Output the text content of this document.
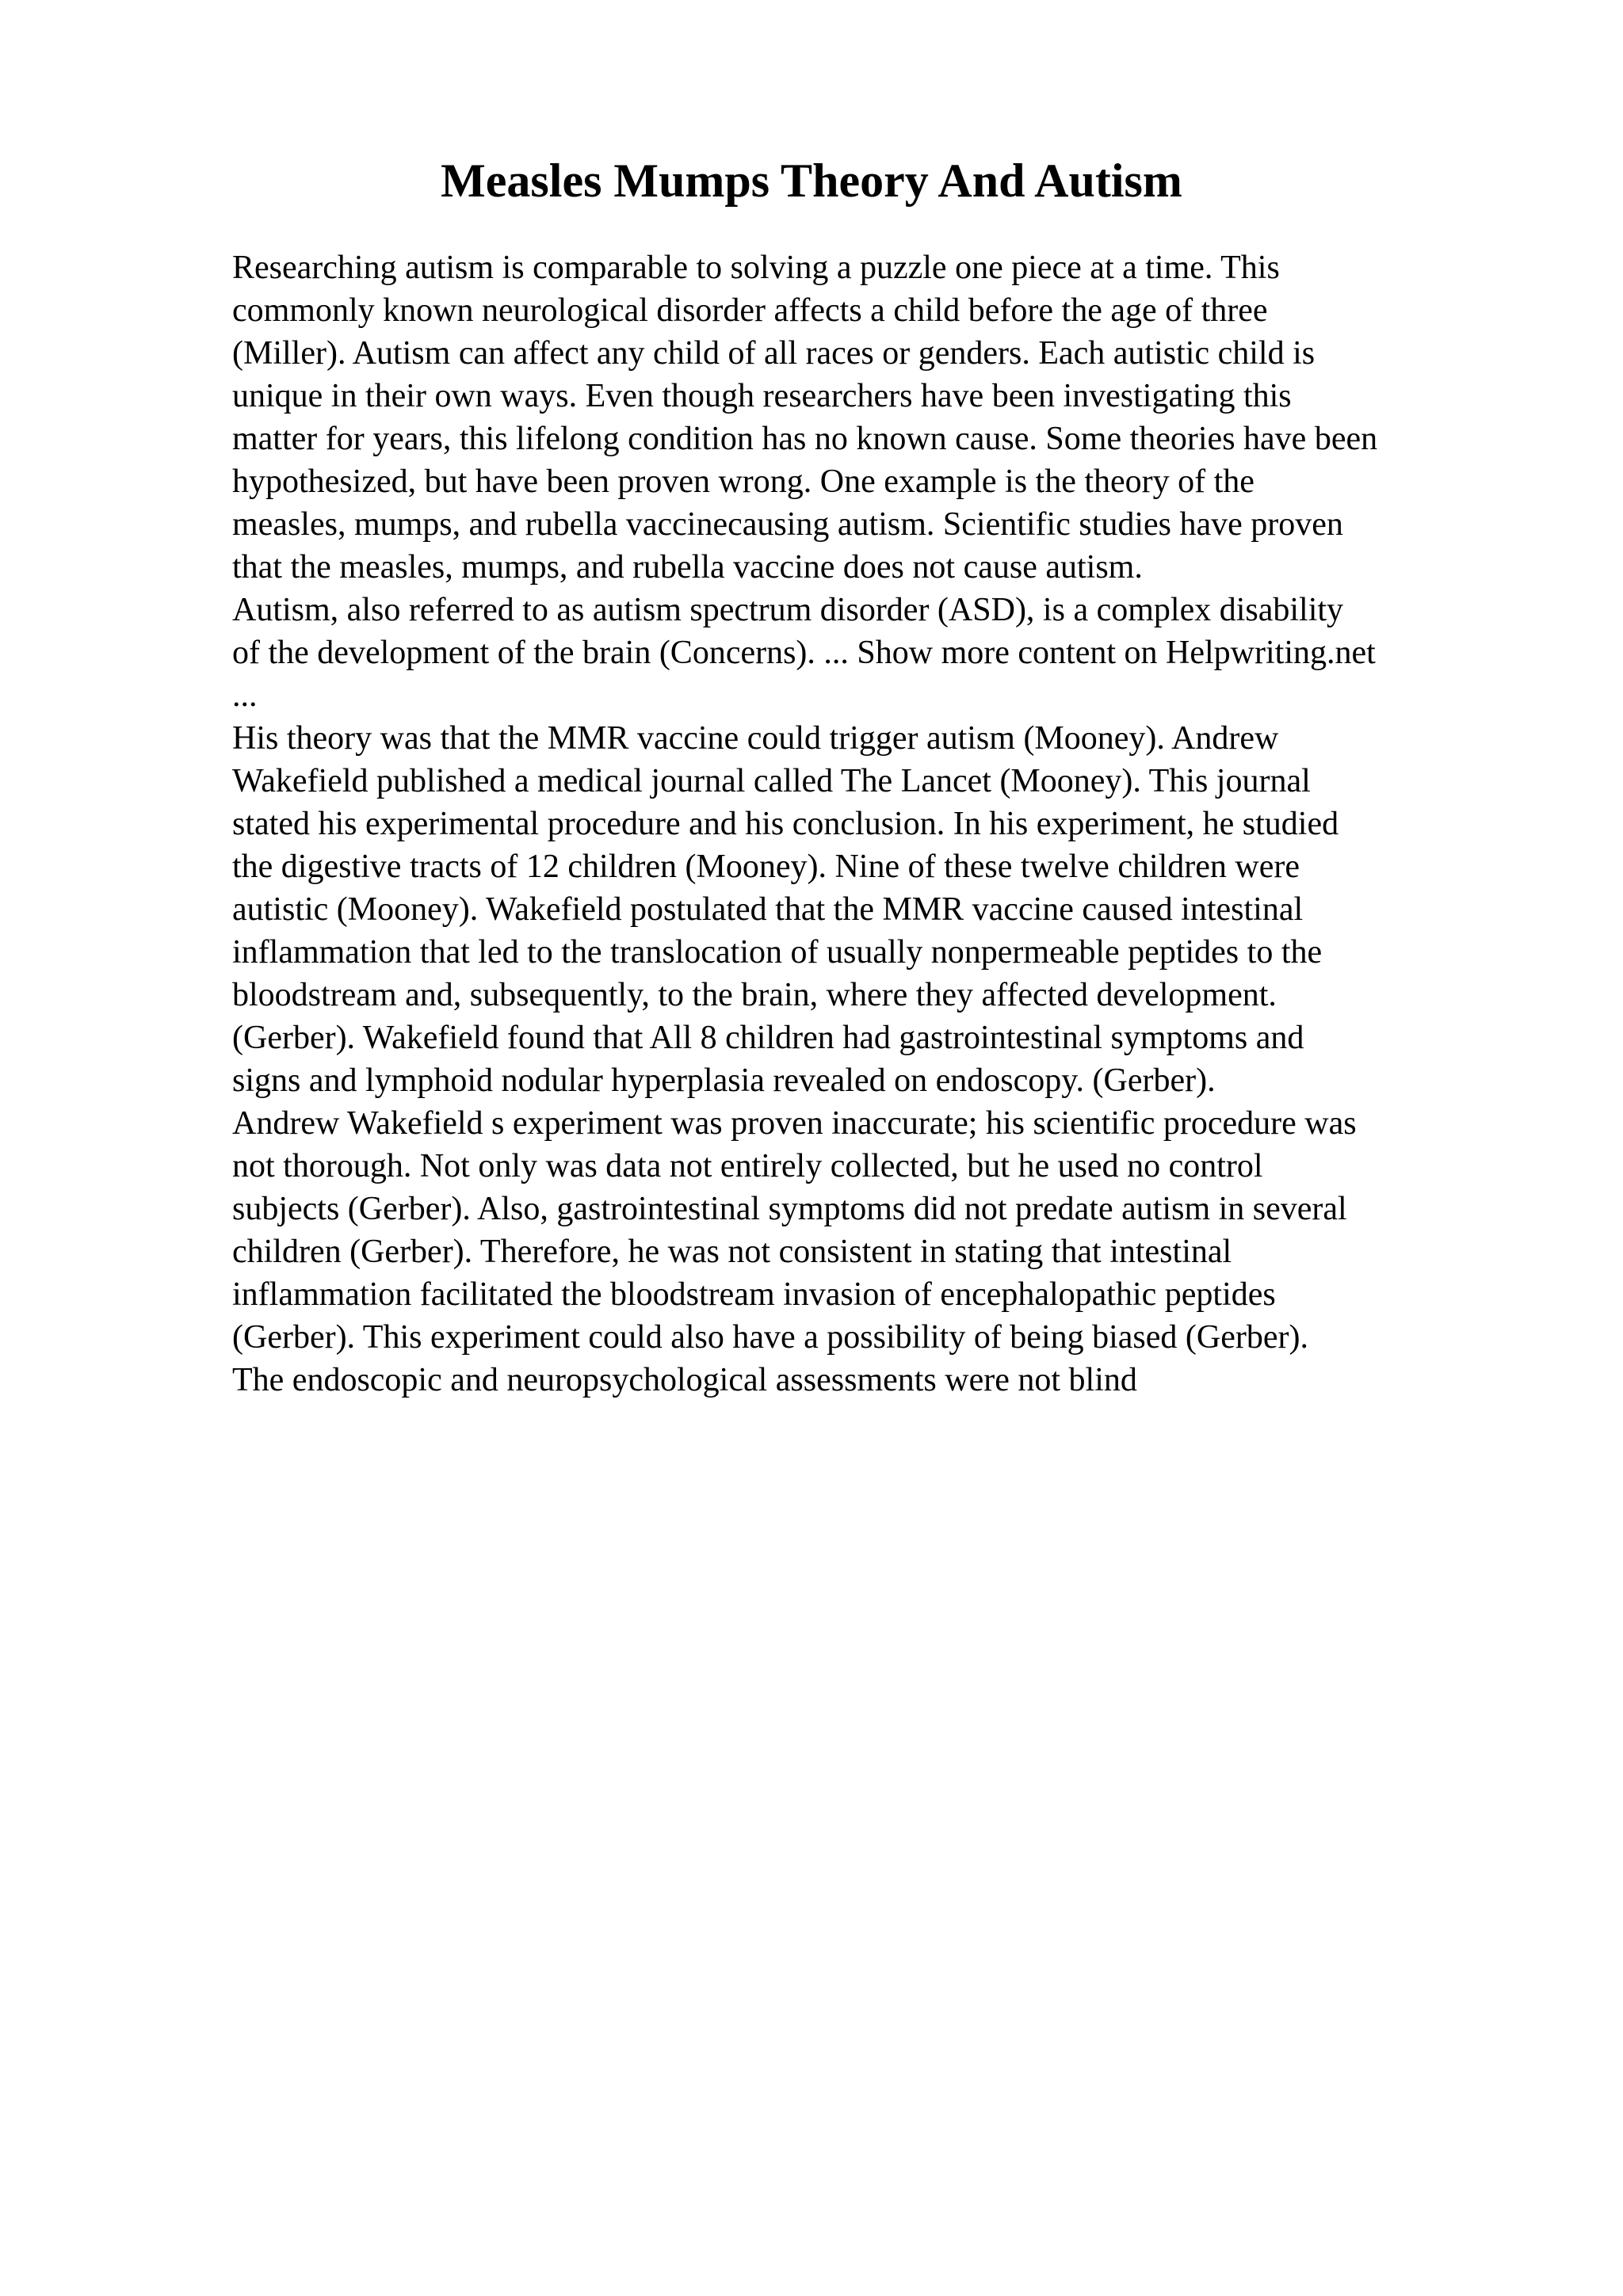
Measles Mumps Theory And Autism
Researching autism is comparable to solving a puzzle one piece at a time. This
commonly known neurological disorder affects a child before the age of three
(Miller). Autism can affect any child of all races or genders. Each autistic child is
unique in their own ways. Even though researchers have been investigating this
matter for years, this lifelong condition has no known cause. Some theories have been
hypothesized, but have been proven wrong. One example is the theory of the
measles, mumps, and rubella vaccinecausing autism. Scientific studies have proven
that the measles, mumps, and rubella vaccine does not cause autism.
Autism, also referred to as autism spectrum disorder (ASD), is a complex disability
of the development of the brain (Concerns). ... Show more content on Helpwriting.net
...
His theory was that the MMR vaccine could trigger autism (Mooney). Andrew
Wakefield published a medical journal called The Lancet (Mooney). This journal
stated his experimental procedure and his conclusion. In his experiment, he studied
the digestive tracts of 12 children (Mooney). Nine of these twelve children were
autistic (Mooney). Wakefield postulated that the MMR vaccine caused intestinal
inflammation that led to the translocation of usually nonpermeable peptides to the
bloodstream and, subsequently, to the brain, where they affected development.
(Gerber). Wakefield found that All 8 children had gastrointestinal symptoms and
signs and lymphoid nodular hyperplasia revealed on endoscopy. (Gerber).
Andrew Wakefield s experiment was proven inaccurate; his scientific procedure was
not thorough. Not only was data not entirely collected, but he used no control
subjects (Gerber). Also, gastrointestinal symptoms did not predate autism in several
children (Gerber). Therefore, he was not consistent in stating that intestinal
inflammation facilitated the bloodstream invasion of encephalopathic peptides
(Gerber). This experiment could also have a possibility of being biased (Gerber).
The endoscopic and neuropsychological assessments were not blind
